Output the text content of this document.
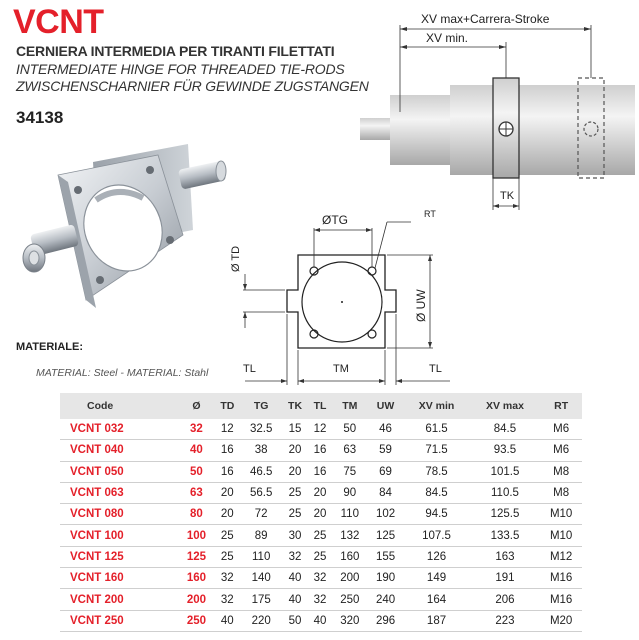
VCNT
CERNIERA INTERMEDIA PER TIRANTI FILETTATI
INTERMEDIATE HINGE FOR THREADED TIE-RODS
ZWISCHENSCHARNIER FÜR GEWINDE ZUGSTANGEN
34138
XV max+Carrera-Stroke
XV min.
TK
ØTG	RT
Ø TD
Ø UW
TL	TM	TL
MATERIALE:
MATERIAL: Steel - MATERIAL: Stahl
Code	Ø	TD	TG	TK	TL	TM	UW	XV min	XV max	RT
VCNT 032	32	12	32.5	15	12	50	46	61.5	84.5	M6
VCNT 040	40	16	38	20	16	63	59	71.5	93.5	M6
VCNT 050	50	16	46.5	20	16	75	69	78.5	101.5	M8
VCNT 063	63	20	56.5	25	20	90	84	84.5	110.5	M8
VCNT 080	80	20	72	25	20	110	102	94.5	125.5	M10
VCNT 100	100	25	89	30	25	132	125	107.5	133.5	M10
VCNT 125	125	25	110	32	25	160	155	126	163	M12
VCNT 160	160	32	140	40	32	200	190	149	191	M16
VCNT 200	200	32	175	40	32	250	240	164	206	M16
VCNT 250	250	40	220	50	40	320	296	187	223	M20
